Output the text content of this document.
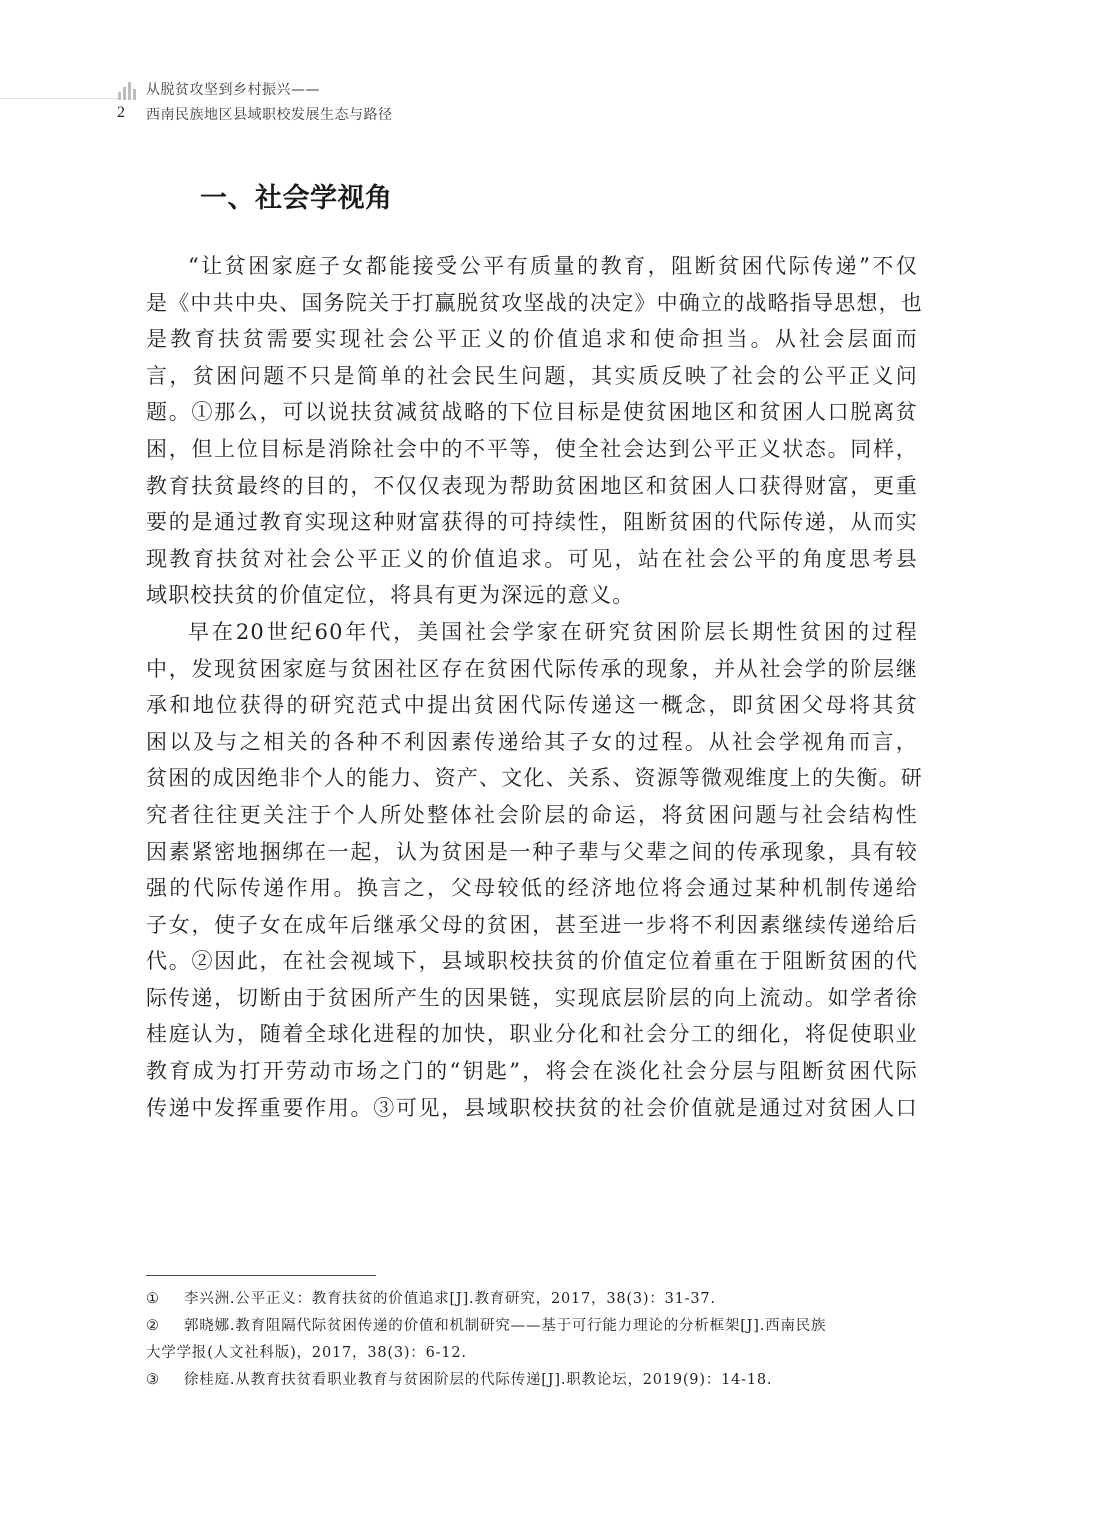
从脱贫攻坚到乡村振兴——
2 西南民族地区县域职校发展生态与路径
一、社会学视角
“让贫困家庭子女都能接受公平有质量的教育，阻断贫困代际传递”不仅
是《中共中央、国务院关于打赢脱贫攻坚战的决定》中确立的战略指导思想，也
是教育扶贫需要实现社会公平正义的价值追求和使命担当。从社会层面而
言，贫困问题不只是简单的社会民生问题，其实质反映了社会的公平正义问
题。①那么，可以说扶贫减贫战略的下位目标是使贫困地区和贫困人口脱离贫
困，但上位目标是消除社会中的不平等，使全社会达到公平正义状态。同样，
教育扶贫最终的目的，不仅仅表现为帮助贫困地区和贫困人口获得财富，更重
要的是通过教育实现这种财富获得的可持续性，阻断贫困的代际传递，从而实
现教育扶贫对社会公平正义的价值追求。可见，站在社会公平的角度思考县
域职校扶贫的价值定位，将具有更为深远的意义。
早在20世纪60年代，美国社会学家在研究贫困阶层长期性贫困的过程
中，发现贫困家庭与贫困社区存在贫困代际传承的现象，并从社会学的阶层继
承和地位获得的研究范式中提出贫困代际传递这一概念，即贫困父母将其贫
困以及与之相关的各种不利因素传递给其子女的过程。从社会学视角而言，
贫困的成因绝非个人的能力、资产、文化、关系、资源等微观维度上的失衡。研
究者往往更关注于个人所处整体社会阶层的命运，将贫困问题与社会结构性
因素紧密地捆绑在一起，认为贫困是一种子辈与父辈之间的传承现象，具有较
强的代际传递作用。换言之，父母较低的经济地位将会通过某种机制传递给
子女，使子女在成年后继承父母的贫困，甚至进一步将不利因素继续传递给后
代。②因此，在社会视域下，县域职校扶贫的价值定位着重在于阻断贫困的代
际传递，切断由于贫困所产生的因果链，实现底层阶层的向上流动。如学者徐
桂庭认为，随着全球化进程的加快，职业分化和社会分工的细化，将促使职业
教育成为打开劳动市场之门的“钥匙”，将会在淡化社会分层与阻断贫困代际
传递中发挥重要作用。③可见，县域职校扶贫的社会价值就是通过对贫困人口
① 李兴洲.公平正义：教育扶贫的价值追求[J].教育研究，2017，38(3)：31-37.
② 郭晓娜.教育阻隔代际贫困传递的价值和机制研究——基于可行能力理论的分析框架[J].西南民族
大学学报(人文社科版)，2017，38(3)：6-12.
③ 徐桂庭.从教育扶贫看职业教育与贫困阶层的代际传递[J].职教论坛，2019(9)：14-18.
